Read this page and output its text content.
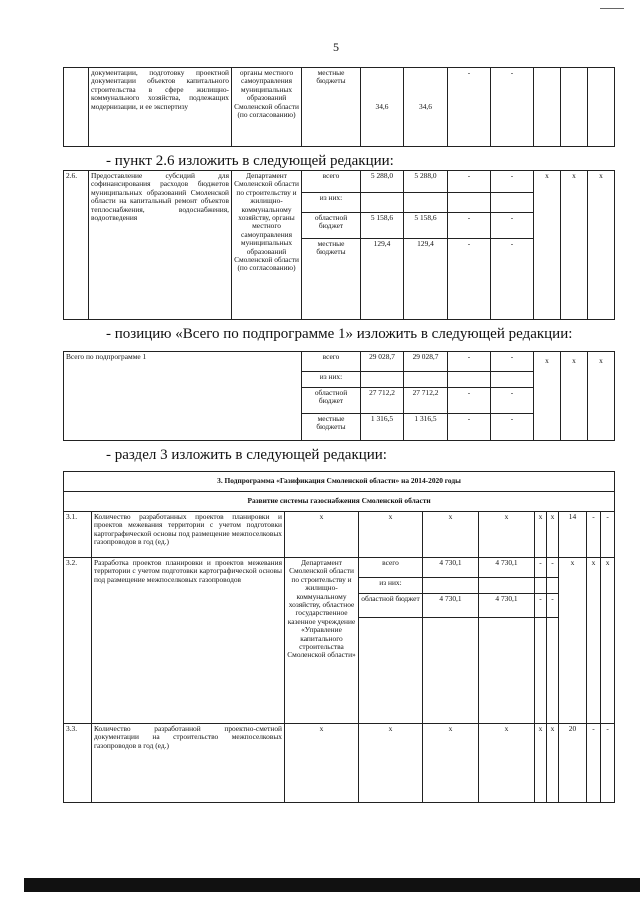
5
	документации, подготовку проектной документации объектов капитального строительства в сфере жилищно-коммунального хозяйства, подлежащих модернизации, и ее экспертизу	органы местного самоуправления муниципальных образований Смоленской области (по согласованию)	местные бюджеты	34,6	34,6	-	-			
- пункт 2.6 изложить в следующей редакции:
2.6.	Предоставление субсидий для софинансирования расходов бюджетов муниципальных образований Смоленской области на капитальный ремонт объектов теплоснабжения, водоснабжения, водоотведения	Департамент Смоленской области по строительству и жилищно-коммунальному хозяйству, органы местного самоуправления муниципальных образований Смоленской области (по согласованию)	всего	5 288,0	5 288,0	-	-	x	x	x
			из них:							
			областной бюджет	5 158,6	5 158,6	-	-			
			местные бюджеты	129,4	129,4	-	-			
- позицию «Всего по подпрограмме 1» изложить в следующей редакции:
Всего по подпрограмме 1	всего	29 028,7	29 028,7	-	-	x	x	x
	из них:							
	областной бюджет	27 712,2	27 712,2	-	-			
	местные бюджеты	1 316,5	1 316,5	-	-			
- раздел 3 изложить в следующей редакции:
3. Подпрограмма «Газификация Смоленской области» на 2014-2020 годы										
Развитие системы газоснабжения Смоленской области										
3.1.	Количество разработанных проектов планировки и проектов межевания территории с учетом подготовки картографической основы под размещение межпоселковых газопроводов в год (ед.)	x	x	x	x	x	x	14	-	-
3.2.	Разработка проектов планировки и проектов межевания территории с учетом подготовки картографической основы под размещение межпоселковых газопроводов	Департамент Смоленской области по строительству и жилищно-коммунальному хозяйству, областное государственное казенное учреждение «Управление капитального строительства Смоленской области»	всего	4 730,1	4 730,1	-	-	x	x	x
			из них:							
			областной бюджет	4 730,1	4 730,1	-	-			

3.3.	Количество разработанной проектно-сметной документации на строительство межпоселковых газопроводов в год (ед.)	x	x	x	x	x	x	20	-	-
